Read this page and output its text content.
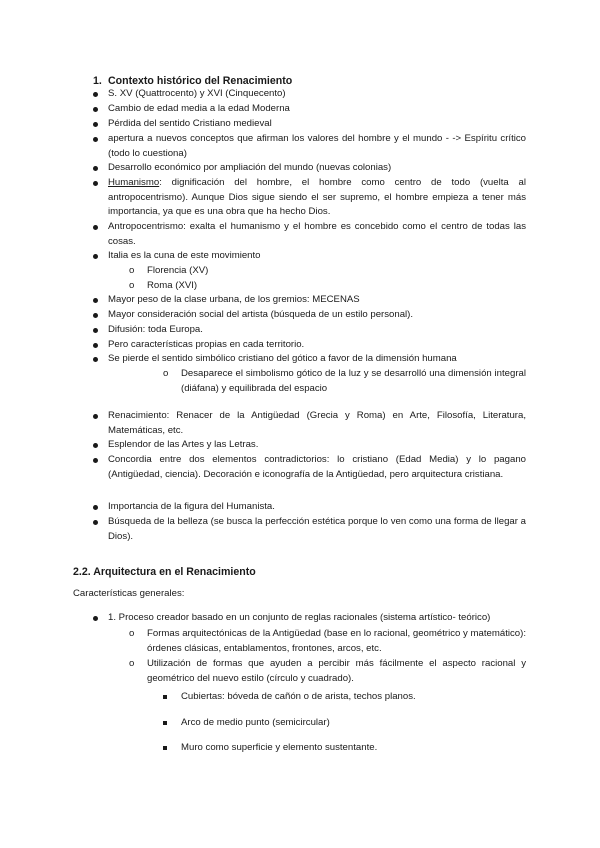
1. Contexto histórico del Renacimiento
S. XV (Quattrocento) y XVI (Cinquecento)
Cambio de edad media a la edad Moderna
Pérdida del sentido Cristiano medieval
apertura a nuevos conceptos que afirman los valores del hombre y el mundo - -> Espíritu crítico (todo lo cuestiona)
Desarrollo económico por ampliación del mundo (nuevas colonias)
Humanismo: dignificación del hombre, el hombre como centro de todo (vuelta al antropocentrismo). Aunque Dios sigue siendo el ser supremo, el hombre empieza a tener más importancia, ya que es una obra que ha hecho Dios.
Antropocentrismo: exalta el humanismo y el hombre es concebido como el centro de todas las cosas.
Italia es la cuna de este movimiento
o Florencia (XV)
o Roma (XVI)
Mayor peso de la clase urbana, de los gremios: MECENAS
Mayor consideración social del artista (búsqueda de un estilo personal).
Difusión: toda Europa.
Pero características propias en cada territorio.
Se pierde el sentido simbólico cristiano del gótico a favor de la dimensión humana
o Desaparece el simbolismo gótico de la luz y se desarrolló una dimensión integral (diáfana) y equilibrada del espacio
Renacimiento: Renacer de la Antigüedad (Grecia y Roma) en Arte, Filosofía, Literatura, Matemáticas, etc.
Esplendor de las Artes y las Letras.
Concordia entre dos elementos contradictorios: lo cristiano (Edad Media) y lo pagano (Antigüedad, ciencia). Decoración e iconografía de la Antigüedad, pero arquitectura cristiana.
Importancia de la figura del Humanista.
Búsqueda de la belleza (se busca la perfección estética porque lo ven como una forma de llegar a Dios).
2.2. Arquitectura en el Renacimiento
Características generales:
1. Proceso creador basado en un conjunto de reglas racionales (sistema artístico- teórico)
o Formas arquitectónicas de la Antigüedad (base en lo racional, geométrico y matemático): órdenes clásicas, entablamentos, frontones, arcos, etc.
o Utilización de formas que ayuden a percibir más fácilmente el aspecto racional y geométrico del nuevo estilo (círculo y cuadrado).
Cubiertas: bóveda de cañón o de arista, techos planos.
Arco de medio punto (semicircular)
Muro como superficie y elemento sustentante.
